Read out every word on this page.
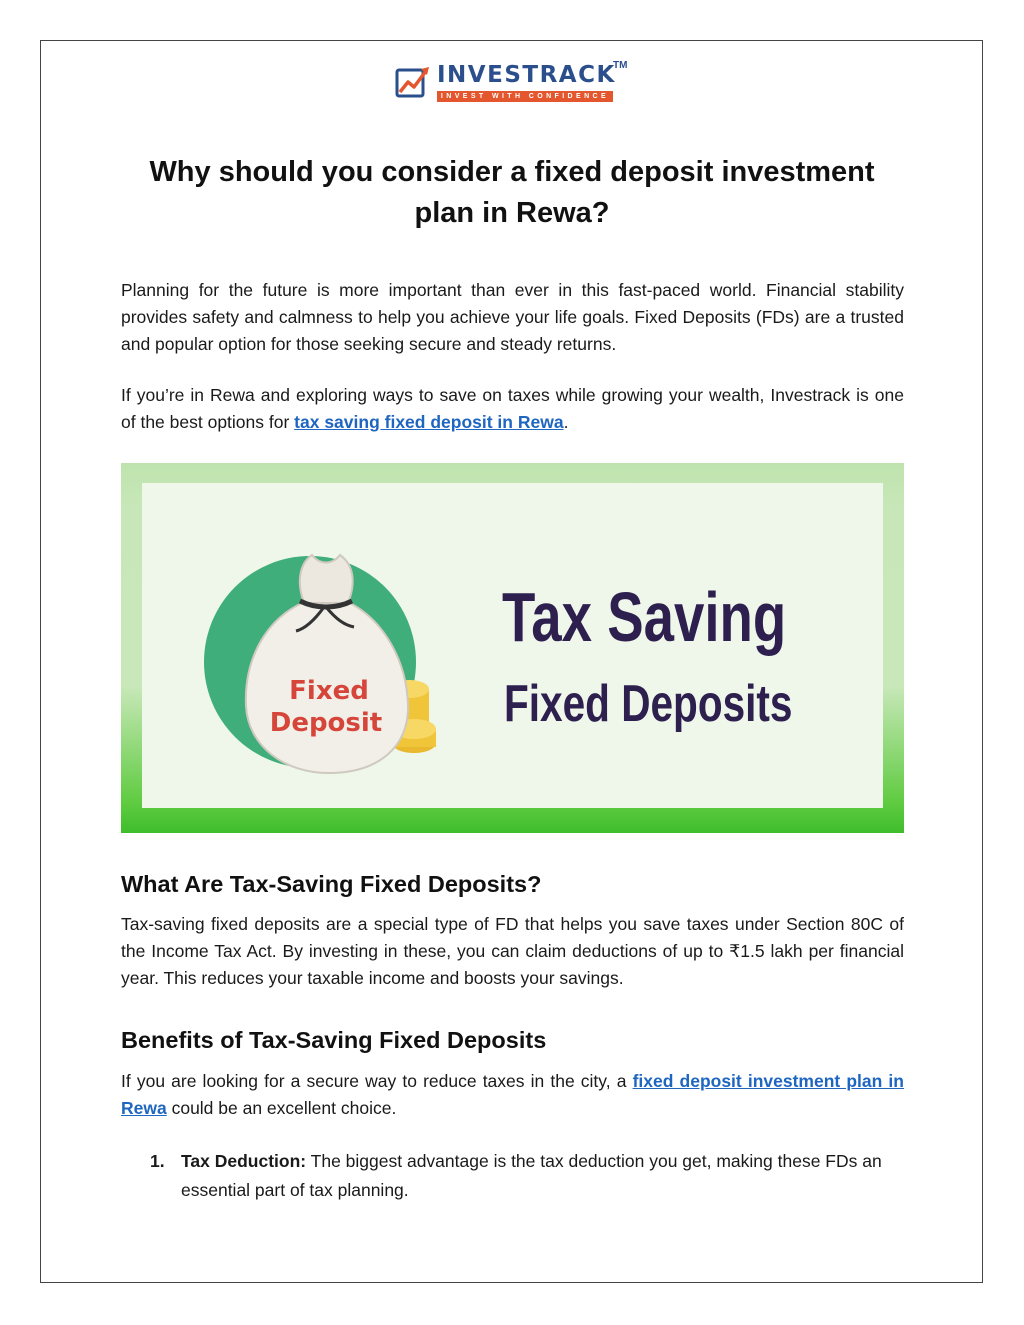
INVESTRACK
TM
INVEST WITH CONFIDENCE
Why should you consider a fixed deposit investment plan in Rewa?

Planning for the future is more important than ever in this fast-paced world. Financial stability provides safety and calmness to help you achieve your life goals. Fixed Deposits (FDs) are a trusted and popular option for those seeking secure and steady returns.

If you’re in Rewa and exploring ways to save on taxes while growing your wealth, Investrack is one of the best options for tax saving fixed deposit in Rewa.

Fixed
Deposit
Tax Saving
Fixed Deposits
What Are Tax-Saving Fixed Deposits?

Tax-saving fixed deposits are a special type of FD that helps you save taxes under Section 80C of the Income Tax Act. By investing in these, you can claim deductions of up to ₹1.5 lakh per financial year. This reduces your taxable income and boosts your savings.

Benefits of Tax-Saving Fixed Deposits

If you are looking for a secure way to reduce taxes in the city, a fixed deposit investment plan in Rewa could be an excellent choice.

1. Tax Deduction: The biggest advantage is the tax deduction you get, making these FDs an essential part of tax planning.
